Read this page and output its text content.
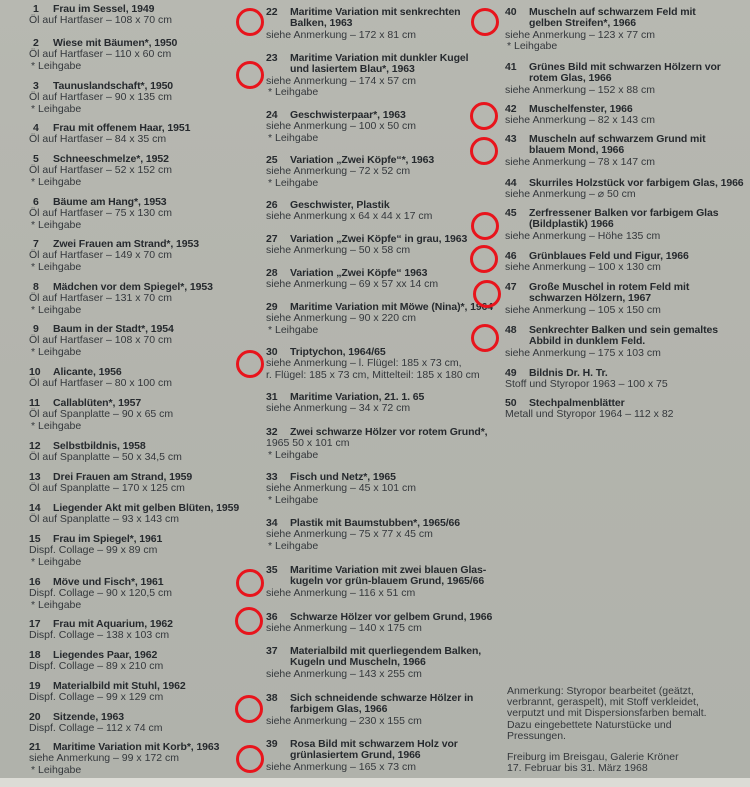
1	Frau im Sessel, 1949
Öl auf Hartfaser – 108 x 70 cm
2	Wiese mit Bäumen*, 1950
Öl auf Hartfaser – 110 x 60 cm
* Leihgabe
3	Taunuslandschaft*, 1950
Öl auf Hartfaser – 90 x 135 cm
* Leihgabe
4	Frau mit offenem Haar, 1951
Öl auf Hartfaser – 84 x 35 cm
5	Schneeschmelze*, 1952
Öl auf Hartfaser – 52 x 152 cm
* Leihgabe
6	Bäume am Hang*, 1953
Öl auf Hartfaser – 75 x 130 cm
* Leihgabe
7	Zwei Frauen am Strand*, 1953
Öl auf Hartfaser – 149 x 70 cm
* Leihgabe
8	Mädchen vor dem Spiegel*, 1953
Öl auf Hartfaser – 131 x 70 cm
* Leihgabe
9	Baum in der Stadt*, 1954
Öl auf Hartfaser – 108 x 70 cm
* Leihgabe
10	Alicante, 1956
Öl auf Hartfaser – 80 x 100 cm
11	Callablüten*, 1957
Öl auf Spanplatte – 90 x 65 cm
* Leihgabe
12	Selbstbildnis, 1958
Öl auf Spanplatte – 50 x 34,5 cm
13	Drei Frauen am Strand, 1959
Öl auf Spanplatte – 170 x 125 cm
14	Liegender Akt mit gelben Blüten, 1959
Öl auf Spanplatte – 93 x 143 cm
15	Frau im Spiegel*, 1961
Dispf. Collage – 99 x 89 cm
* Leihgabe
16	Möve und Fisch*, 1961
Dispf. Collage – 90 x 120,5 cm
* Leihgabe
17	Frau mit Aquarium, 1962
Dispf. Collage – 138 x 103 cm
18	Liegendes Paar, 1962
Dispf. Collage – 89 x 210 cm
19	Materialbild mit Stuhl, 1962
Dispf. Collage – 99 x 129 cm
20	Sitzende, 1963
Dispf. Collage – 112 x 74 cm
21	Maritime Variation mit Korb*, 1963
siehe Anmerkung – 99 x 172 cm
* Leihgabe
22	Maritime Variation mit senkrechten
Balken, 1963
siehe Anmerkung – 172 x 81 cm
23	Maritime Variation mit dunkler Kugel
und lasiertem Blau*, 1963
siehe Anmerkung – 174 x 57 cm
* Leihgabe
24	Geschwisterpaar*, 1963
siehe Anmerkung – 100 x 50 cm
* Leihgabe
25	Variation „Zwei Köpfe“*, 1963
siehe Anmerkung – 72 x 52 cm
* Leihgabe
26	Geschwister, Plastik
siehe Anmerkung x 64 x 44 x 17 cm
27	Variation „Zwei Köpfe“ in grau, 1963
siehe Anmerkung – 50 x 58 cm
28	Variation „Zwei Köpfe“ 1963
siehe Anmerkung – 69 x 57 xx 14 cm
29	Maritime Variation mit Möwe (Nina)*, 1964
siehe Anmerkung – 90 x 220 cm
* Leihgabe
30	Triptychon, 1964/65
siehe Anmerkung – l. Flügel: 185 x 73 cm,
r. Flügel: 185 x 73 cm, Mittelteil: 185 x 180 cm
31	Maritime Variation, 21. 1. 65
siehe Anmerkung – 34 x 72 cm
32	Zwei schwarze Hölzer vor rotem Grund*,
1965 50 x 101 cm
* Leihgabe
33	Fisch und Netz*, 1965
siehe Anmerkung – 45 x 101 cm
* Leihgabe
34	Plastik mit Baumstubben*, 1965/66
siehe Anmerkung – 75 x 77 x 45 cm
* Leihgabe
35	Maritime Variation mit zwei blauen Glas-
kugeln vor grün-blauem Grund, 1965/66
siehe Anmerkung – 116 x 51 cm
36	Schwarze Hölzer vor gelbem Grund, 1966
siehe Anmerkung – 140 x 175 cm
37	Materialbild mit querliegendem Balken,
Kugeln und Muscheln, 1966
siehe Anmerkung – 143 x 255 cm
38	Sich schneidende schwarze Hölzer in
farbigem Glas, 1966
siehe Anmerkung – 230 x 155 cm
39	Rosa Bild mit schwarzem Holz vor
grünlasiertem Grund, 1966
siehe Anmerkung – 165 x 73 cm
40	Muscheln auf schwarzem Feld mit
gelben Streifen*, 1966
siehe Anmerkung – 123 x 77 cm
* Leihgabe
41	Grünes Bild mit schwarzen Hölzern vor
rotem Glas, 1966
siehe Anmerkung – 152 x 88 cm
42	Muschelfenster, 1966
siehe Anmerkung – 82 x 143 cm
43	Muscheln auf schwarzem Grund mit
blauem Mond, 1966
siehe Anmerkung – 78 x 147 cm
44	Skurriles Holzstück vor farbigem Glas, 1966
siehe Anmerkung – ⌀ 50 cm
45	Zerfressener Balken vor farbigem Glas
(Bildplastik) 1966
siehe Anmerkung – Höhe 135 cm
46	Grünblaues Feld und Figur, 1966
siehe Anmerkung – 100 x 130 cm
47	Große Muschel in rotem Feld mit
schwarzen Hölzern, 1967
siehe Anmerkung – 105 x 150 cm
48	Senkrechter Balken und sein gemaltes
Abbild in dunklem Feld.
siehe Anmerkung – 175 x 103 cm
49	Bildnis Dr. H. Tr.
Stoff und Styropor 1963 – 100 x 75
50	Stechpalmenblätter
Metall und Styropor 1964 – 112 x 82
Anmerkung: Styropor bearbeitet (geätzt, verbrannt, geraspelt), mit Stoff verkleidet, verputzt und mit Dispersionsfarben bemalt. Dazu eingebettete Naturstücke und Pressungen.
Freiburg im Breisgau, Galerie Kröner
17. Februar bis 31. März 1968
